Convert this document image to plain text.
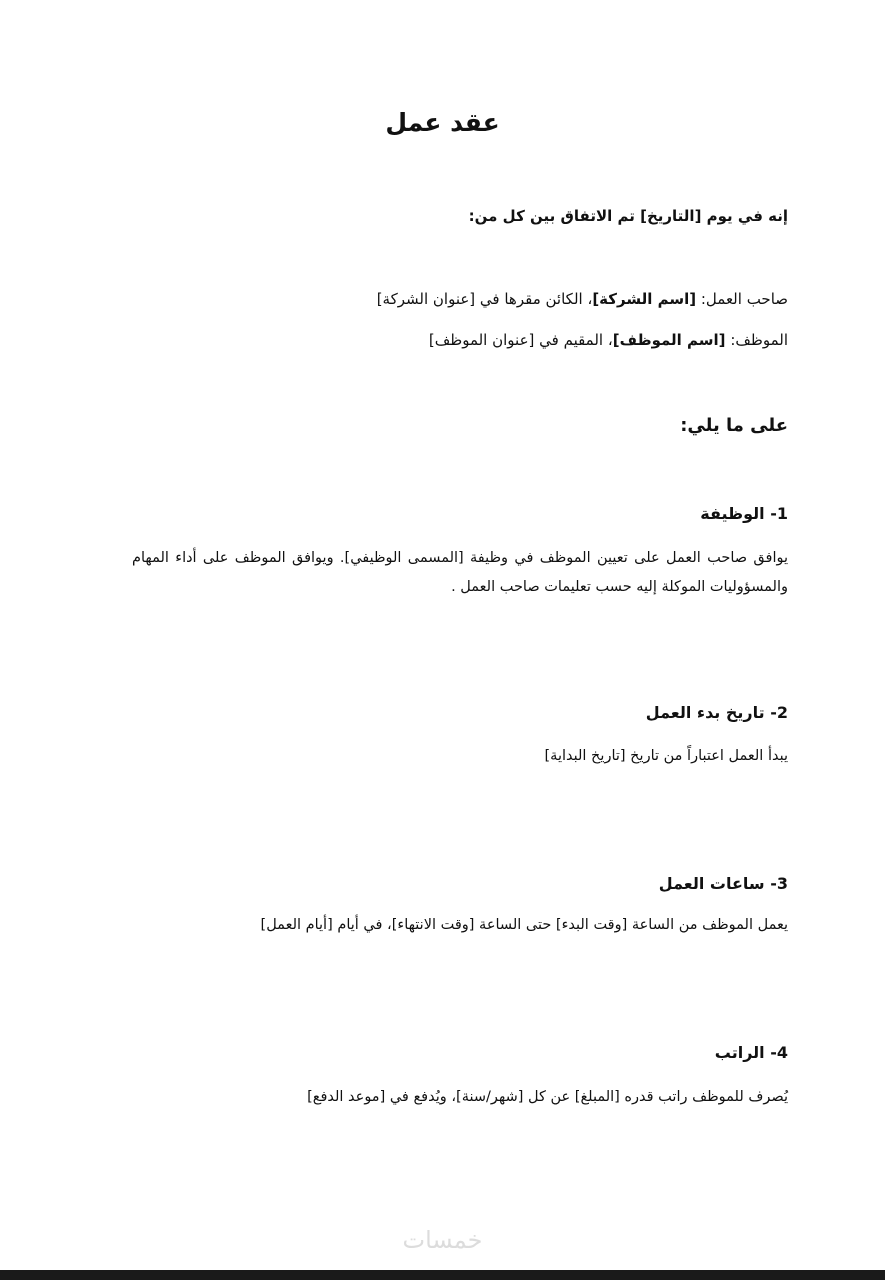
عقد عمل

إنه في يوم [التاريخ] تم الاتفاق بين كل من:

صاحب العمل: [اسم الشركة]، الكائن مقرها في [عنوان الشركة]

الموظف: [اسم الموظف]، المقيم في [عنوان الموظف]

على ما يلي:

1- الوظيفة

يوافق صاحب العمل على تعيين الموظف في وظيفة [المسمى الوظيفي]. ويوافق الموظف على أداء المهام والمسؤوليات الموكلة إليه حسب تعليمات صاحب العمل .

2- تاريخ بدء العمل

يبدأ العمل اعتباراً من تاريخ [تاريخ البداية]

3- ساعات العمل

يعمل الموظف من الساعة [وقت البدء] حتى الساعة [وقت الانتهاء]، في أيام [أيام العمل]

4- الراتب

يُصرف للموظف راتب قدره [المبلغ] عن كل [شهر/سنة]، ويُدفع في [موعد الدفع]

خمسات
